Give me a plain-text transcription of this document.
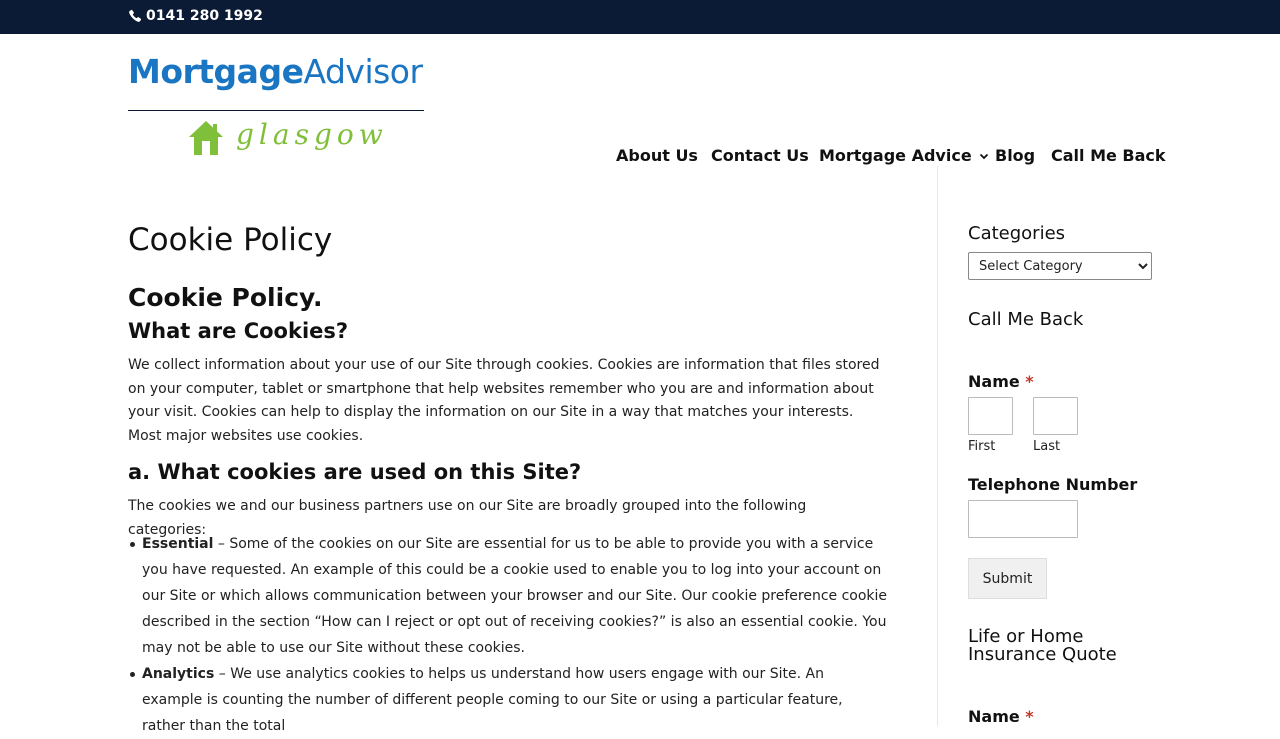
0141 280 1992
MortgageAdvisor
glasgow
About Us Contact Us Mortgage Advice Blog Call Me Back
Cookie Policy
Cookie Policy.
What are Cookies?

We collect information about your use of our Site through cookies. Cookies are information that files stored on your computer, tablet or smartphone that help websites remember who you are and information about your visit. Cookies can help to display the information on our Site in a way that matches your interests. Most major websites use cookies.

a. What cookies are used on this Site?

The cookies we and our business partners use on our Site are broadly grouped into the following categories:

Essential – Some of the cookies on our Site are essential for us to be able to provide you with a service you have requested. An example of this could be a cookie used to enable you to log into your account on our Site or which allows communication between your browser and our Site. Our cookie preference cookie described in the section “How can I reject or opt out of receiving cookies?” is also an essential cookie. You may not be able to use our Site without these cookies.
Analytics – We use analytics cookies to helps us understand how users engage with our Site. An example is counting the number of different people coming to our Site or using a particular feature, rather than the total
Categories
Select Category
Call Me Back
Name *
First	Last
Telephone Number
Submit
Life or Home Insurance Quote
Name *
